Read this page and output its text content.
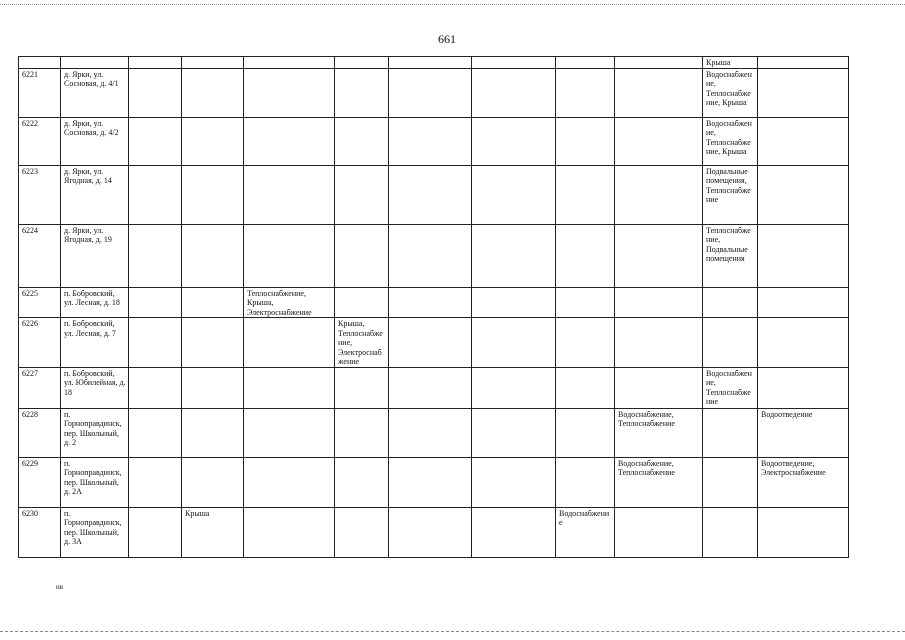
661
										Крыша	
6221	д. Ярки, ул. Сосновая, д. 4/1									Водоснабжение, Теплоснабжение, Крыша	
6222	д. Ярки, ул. Сосновая, д. 4/2									Водоснабжение, Теплоснабжение, Крыша	
6223	д. Ярки, ул. Ягодная, д. 14									Подвальные помещения, Теплоснабжение	
6224	д. Ярки, ул. Ягодная, д. 19									Теплоснабжение, Подвальные помещения	
6225	п. Бобровский, ул. Лесная, д. 18			Теплоснабжение, Крыша, Электроснабжение							
6226	п. Бобровский, ул. Лесная, д. 7				Крыша, Теплоснабжение, Электроснабжение						
6227	п. Бобровский, ул. Юбилейная, д. 18									Водоснабжение, Теплоснабжение	
6228	п. Горноправдинск, пер. Школьный, д. 2								Водоснабжение, Теплоснабжение		Водоотведение
6229	п. Горноправдинск, пер. Школьный, д. 2А								Водоснабжение, Теплоснабжение		Водоотведение, Электроснабжение
6230	п. Горноправдинск, пер. Школьный, д. 3А		Крыша					Водоснабжение			
нв
